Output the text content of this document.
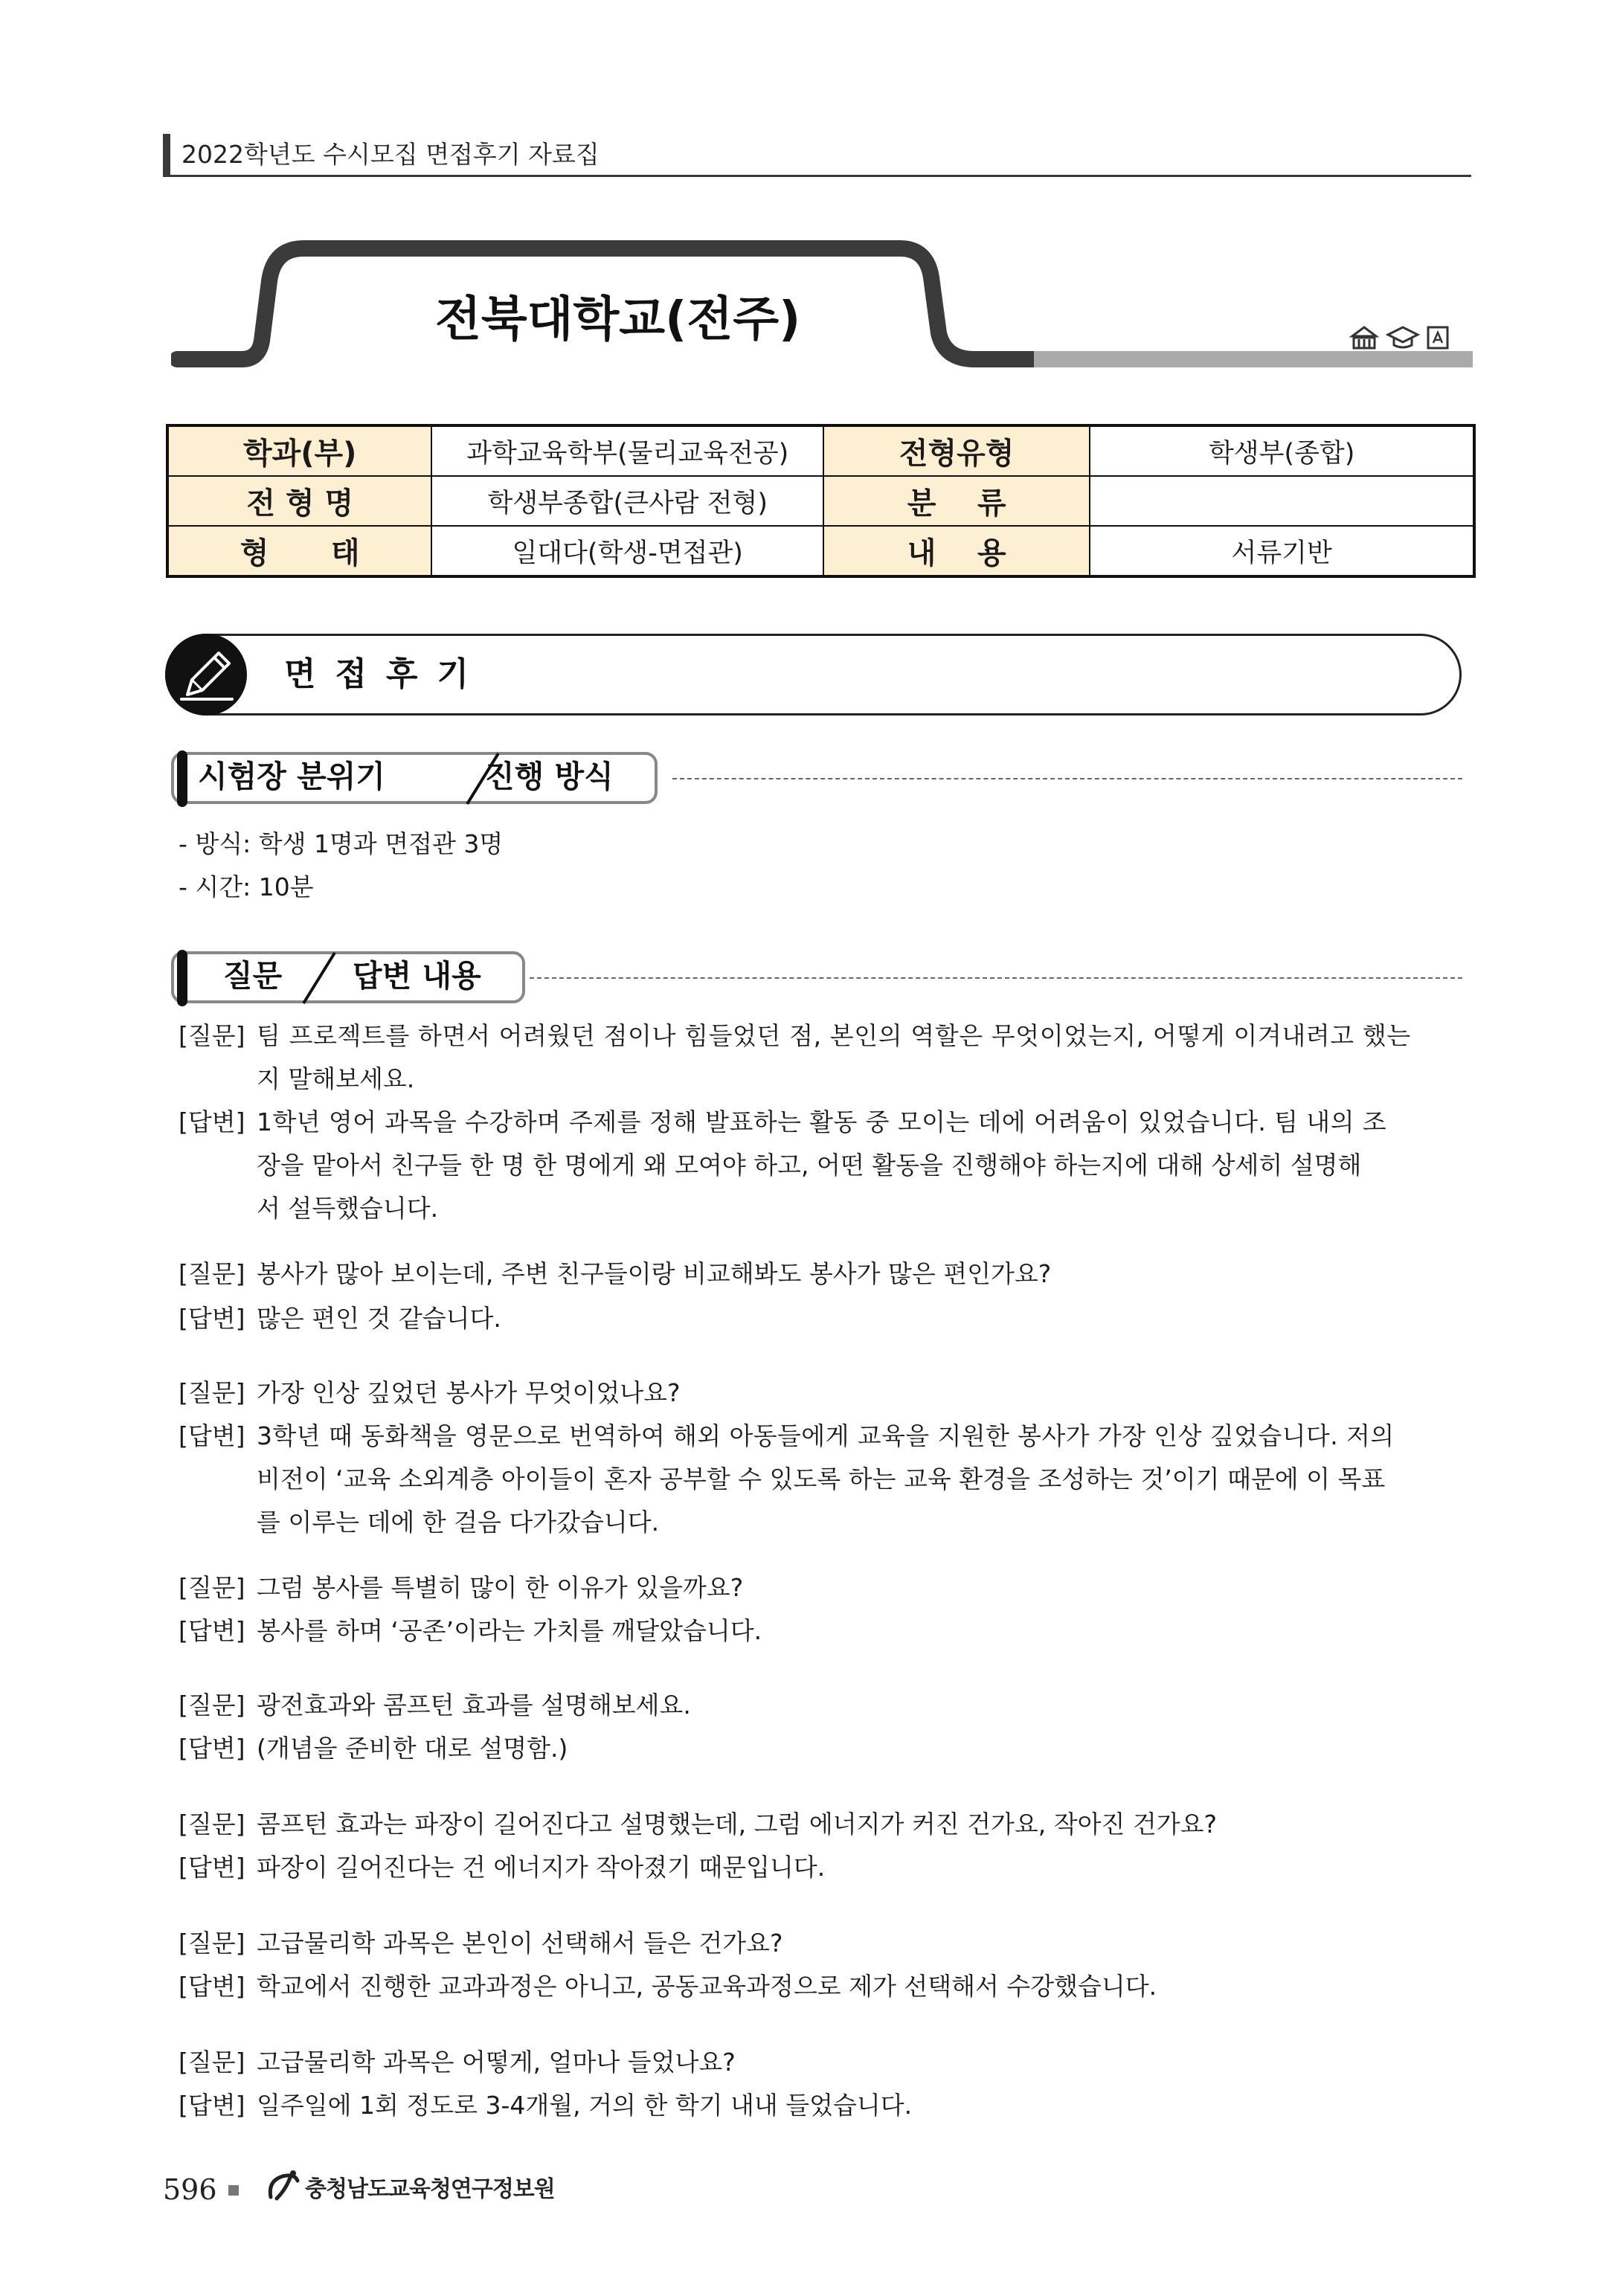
2022학년도 수시모집 면접후기 자료집
전북대학교(전주)
학과(부)	과학교육학부(물리교육전공)	전형유형	학생부(종합)
전 형 명	학생부종합(큰사람 전형)	분    류	
형      태	일대다(학생-면접관)	내    용	서류기반
면접후기
시험장 분위기	진행 방식
- 방식: 학생 1명과 면접관 3명
- 시간: 10분
질문 답변 내용
[질문] 팀 프로젝트를 하면서 어려웠던 점이나 힘들었던 점, 본인의 역할은 무엇이었는지, 어떻게 이겨내려고 했는
지 말해보세요.
[답변] 1학년 영어 과목을 수강하며 주제를 정해 발표하는 활동 중 모이는 데에 어려움이 있었습니다. 팀 내의 조
장을 맡아서 친구들 한 명 한 명에게 왜 모여야 하고, 어떤 활동을 진행해야 하는지에 대해 상세히 설명해
서 설득했습니다.
[질문] 봉사가 많아 보이는데, 주변 친구들이랑 비교해봐도 봉사가 많은 편인가요?
[답변] 많은 편인 것 같습니다.
[질문] 가장 인상 깊었던 봉사가 무엇이었나요?
[답변] 3학년 때 동화책을 영문으로 번역하여 해외 아동들에게 교육을 지원한 봉사가 가장 인상 깊었습니다. 저의
비전이 ‘교육 소외계층 아이들이 혼자 공부할 수 있도록 하는 교육 환경을 조성하는 것’이기 때문에 이 목표
를 이루는 데에 한 걸음 다가갔습니다.
[질문] 그럼 봉사를 특별히 많이 한 이유가 있을까요?
[답변] 봉사를 하며 ‘공존’이라는 가치를 깨달았습니다.
[질문] 광전효과와 콤프턴 효과를 설명해보세요.
[답변] (개념을 준비한 대로 설명함.)
[질문] 콤프턴 효과는 파장이 길어진다고 설명했는데, 그럼 에너지가 커진 건가요, 작아진 건가요?
[답변] 파장이 길어진다는 건 에너지가 작아졌기 때문입니다.
[질문] 고급물리학 과목은 본인이 선택해서 들은 건가요?
[답변] 학교에서 진행한 교과과정은 아니고, 공동교육과정으로 제가 선택해서 수강했습니다.
[질문] 고급물리학 과목은 어떻게, 얼마나 들었나요?
[답변] 일주일에 1회 정도로 3-4개월, 거의 한 학기 내내 들었습니다.
596	충청남도교육청연구정보원
